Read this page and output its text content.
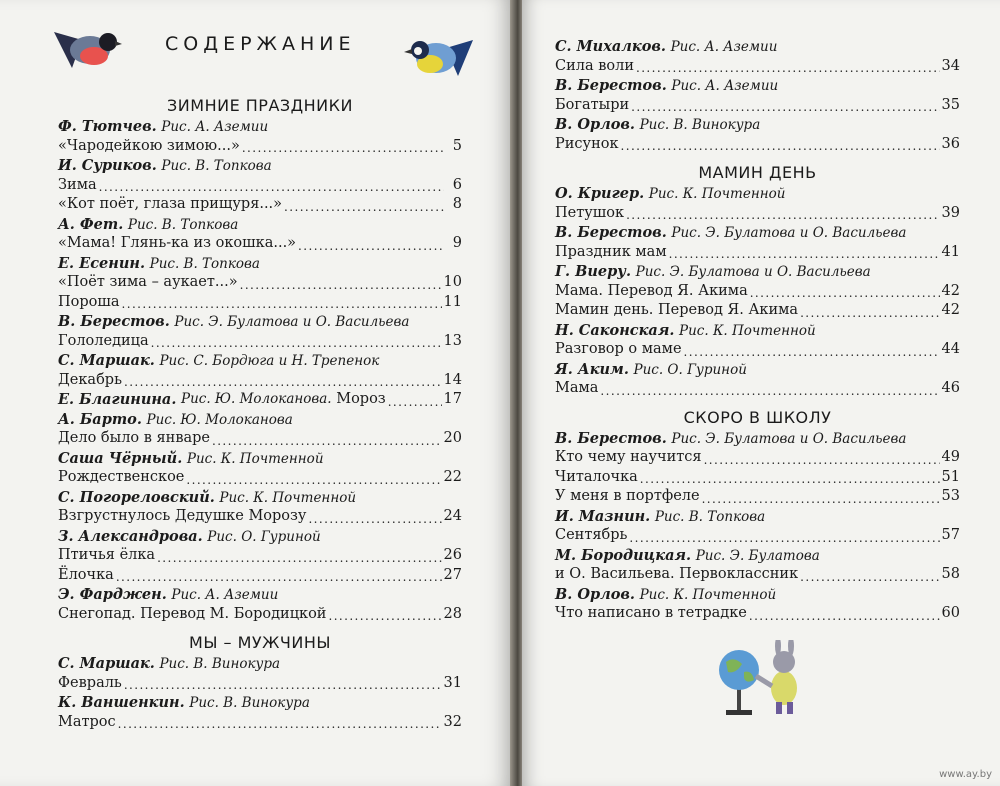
СОДЕРЖАНИЕ
ЗИМНИЕ ПРАЗДНИКИ
Ф. Тютчев. Рис. А. Аземии
«Чародейкою зимою...» .....	5
И. Суриков. Рис. В. Топкова
Зима .....	6
«Кот поёт, глаза прищуря...» .....	8
А. Фет. Рис. В. Топкова
«Мама! Глянь-ка из окошка...» .....	9
Е. Есенин. Рис. В. Топкова
«Поёт зима – аукает...» .....	10
Пороша .....	11
В. Берестов. Рис. Э. Булатова и О. Васильева
Гололедица .....	13
С. Маршак. Рис. С. Бордюга и Н. Трепенок
Декабрь .....	14
Е. Благинина.
Рис. Ю. Молоканова.
Мороз .....	17
А. Барто. Рис. Ю. Молоканова
Дело было в январе .....	20
Саша Чёрный. Рис. К. Почтенной
Рождественское .....	22
С. Погореловский. Рис. К. Почтенной
Взгрустнулось Дедушке Морозу .....	24
З. Александрова. Рис. О. Гуриной
Птичья ёлка .....	26
Ёлочка .....	27
Э. Фарджен. Рис. А. Аземии
Снегопад. Перевод М. Бородицкой .....	28
МЫ – МУЖЧИНЫ
С. Маршак. Рис. В. Винокура
Февраль .....	31
К. Ваншенкин. Рис. В. Винокура
Матрос .....	32
С. Михалков. Рис. А. Аземии
Сила воли .....	34
В. Берестов. Рис. А. Аземии
Богатыри .....	35
В. Орлов. Рис. В. Винокура
Рисунок .....	36
МАМИН ДЕНЬ
О. Кригер. Рис. К. Почтенной
Петушок .....	39
В. Берестов. Рис. Э. Булатова и О. Васильева
Праздник мам .....	41
Г. Виеру. Рис. Э. Булатова и О. Васильева
Мама. Перевод Я. Акима .....	42
Мамин день. Перевод Я. Акима .....	42
Н. Саконская. Рис. К. Почтенной
Разговор о маме .....	44
Я. Аким. Рис. О. Гуриной
Мама .....	46
СКОРО В ШКОЛУ
В. Берестов. Рис. Э. Булатова и О. Васильева
Кто чему научится .....	49
Читалочка .....	51
У меня в портфеле .....	53
И. Мазнин. Рис. В. Топкова
Сентябрь .....	57
М. Бородицкая. Рис. Э. Булатова
и О. Васильева. Первоклассник .....	58
В. Орлов. Рис. К. Почтенной
Что написано в тетрадке .....	60
www.ay.by
